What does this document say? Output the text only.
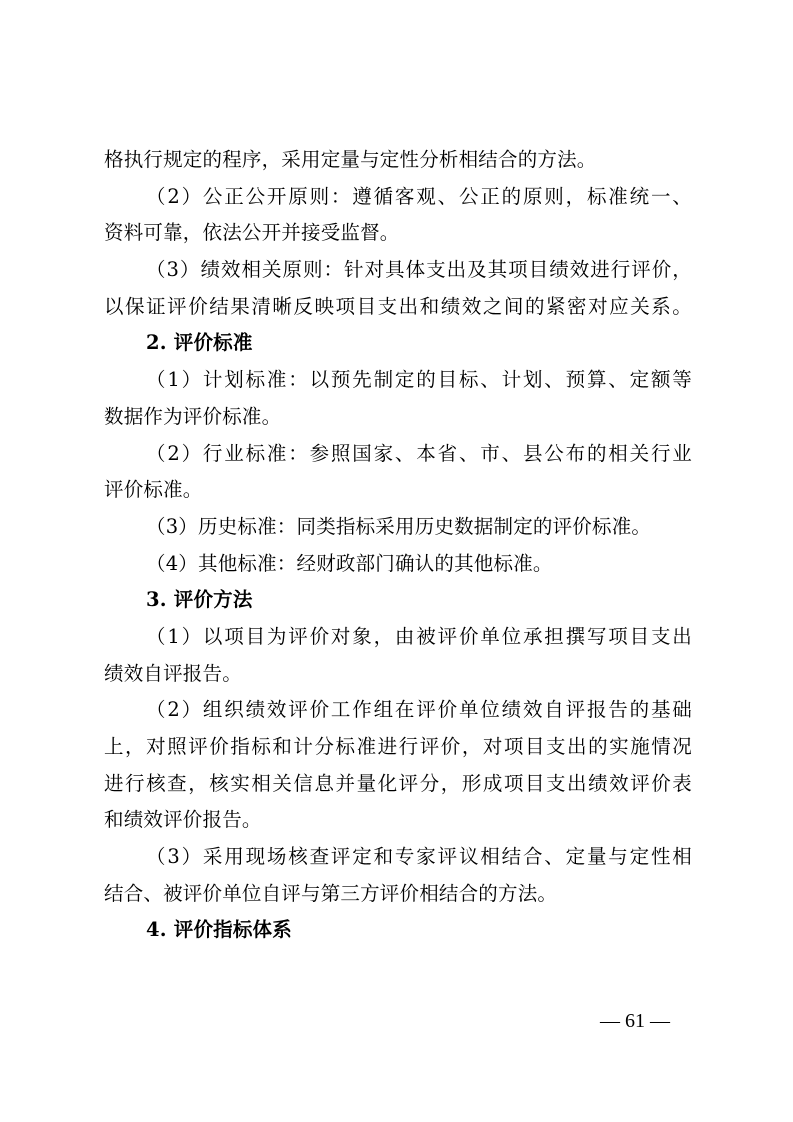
格执行规定的程序，采用定量与定性分析相结合的方法。
（2）公正公开原则：遵循客观、公正的原则，标准统一、
资料可靠，依法公开并接受监督。
（3）绩效相关原则：针对具体支出及其项目绩效进行评价，
以保证评价结果清晰反映项目支出和绩效之间的紧密对应关系。
2. 评价标准
（1）计划标准：以预先制定的目标、计划、预算、定额等
数据作为评价标准。
（2）行业标准：参照国家、本省、市、县公布的相关行业
评价标准。
（3）历史标准：同类指标采用历史数据制定的评价标准。
（4）其他标准：经财政部门确认的其他标准。
3. 评价方法
（1）以项目为评价对象，由被评价单位承担撰写项目支出
绩效自评报告。
（2）组织绩效评价工作组在评价单位绩效自评报告的基础
上，对照评价指标和计分标准进行评价，对项目支出的实施情况
进行核查，核实相关信息并量化评分，形成项目支出绩效评价表
和绩效评价报告。
（3）采用现场核查评定和专家评议相结合、定量与定性相
结合、被评价单位自评与第三方评价相结合的方法。
4. 评价指标体系
— 61 —
